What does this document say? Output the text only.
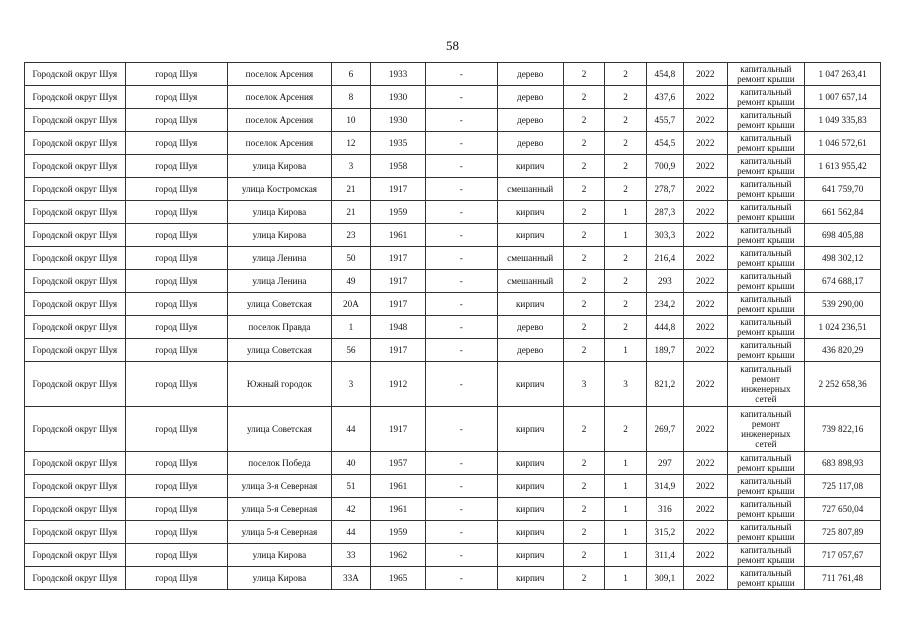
58
Городской округ Шуя	город Шуя	поселок Арсения	6	1933	-	дерево	2	2	454,8	2022	капитальный ремонт крыши	1 047 263,41
Городской округ Шуя	город Шуя	поселок Арсения	8	1930	-	дерево	2	2	437,6	2022	капитальный ремонт крыши	1 007 657,14
Городской округ Шуя	город Шуя	поселок Арсения	10	1930	-	дерево	2	2	455,7	2022	капитальный ремонт крыши	1 049 335,83
Городской округ Шуя	город Шуя	поселок Арсения	12	1935	-	дерево	2	2	454,5	2022	капитальный ремонт крыши	1 046 572,61
Городской округ Шуя	город Шуя	улица Кирова	3	1958	-	кирпич	2	2	700,9	2022	капитальный ремонт крыши	1 613 955,42
Городской округ Шуя	город Шуя	улица Костромская	21	1917	-	смешанный	2	2	278,7	2022	капитальный ремонт крыши	641 759,70
Городской округ Шуя	город Шуя	улица Кирова	21	1959	-	кирпич	2	1	287,3	2022	капитальный ремонт крыши	661 562,84
Городской округ Шуя	город Шуя	улица Кирова	23	1961	-	кирпич	2	1	303,3	2022	капитальный ремонт крыши	698 405,88
Городской округ Шуя	город Шуя	улица Ленина	50	1917	-	смешанный	2	2	216,4	2022	капитальный ремонт крыши	498 302,12
Городской округ Шуя	город Шуя	улица Ленина	49	1917	-	смешанный	2	2	293	2022	капитальный ремонт крыши	674 688,17
Городской округ Шуя	город Шуя	улица Советская	20А	1917	-	кирпич	2	2	234,2	2022	капитальный ремонт крыши	539 290,00
Городской округ Шуя	город Шуя	поселок Правда	1	1948	-	дерево	2	2	444,8	2022	капитальный ремонт крыши	1 024 236,51
Городской округ Шуя	город Шуя	улица Советская	56	1917	-	дерево	2	1	189,7	2022	капитальный ремонт крыши	436 820,29
Городской округ Шуя	город Шуя	Южный городок	3	1912	-	кирпич	3	3	821,2	2022	капитальный ремонт инженерных сетей	2 252 658,36
Городской округ Шуя	город Шуя	улица Советская	44	1917	-	кирпич	2	2	269,7	2022	капитальный ремонт инженерных сетей	739 822,16
Городской округ Шуя	город Шуя	поселок Победа	40	1957	-	кирпич	2	1	297	2022	капитальный ремонт крыши	683 898,93
Городской округ Шуя	город Шуя	улица 3-я Северная	51	1961	-	кирпич	2	1	314,9	2022	капитальный ремонт крыши	725 117,08
Городской округ Шуя	город Шуя	улица 5-я Северная	42	1961	-	кирпич	2	1	316	2022	капитальный ремонт крыши	727 650,04
Городской округ Шуя	город Шуя	улица 5-я Северная	44	1959	-	кирпич	2	1	315,2	2022	капитальный ремонт крыши	725 807,89
Городской округ Шуя	город Шуя	улица Кирова	33	1962	-	кирпич	2	1	311,4	2022	капитальный ремонт крыши	717 057,67
Городской округ Шуя	город Шуя	улица Кирова	33А	1965	-	кирпич	2	1	309,1	2022	капитальный ремонт крыши	711 761,48
